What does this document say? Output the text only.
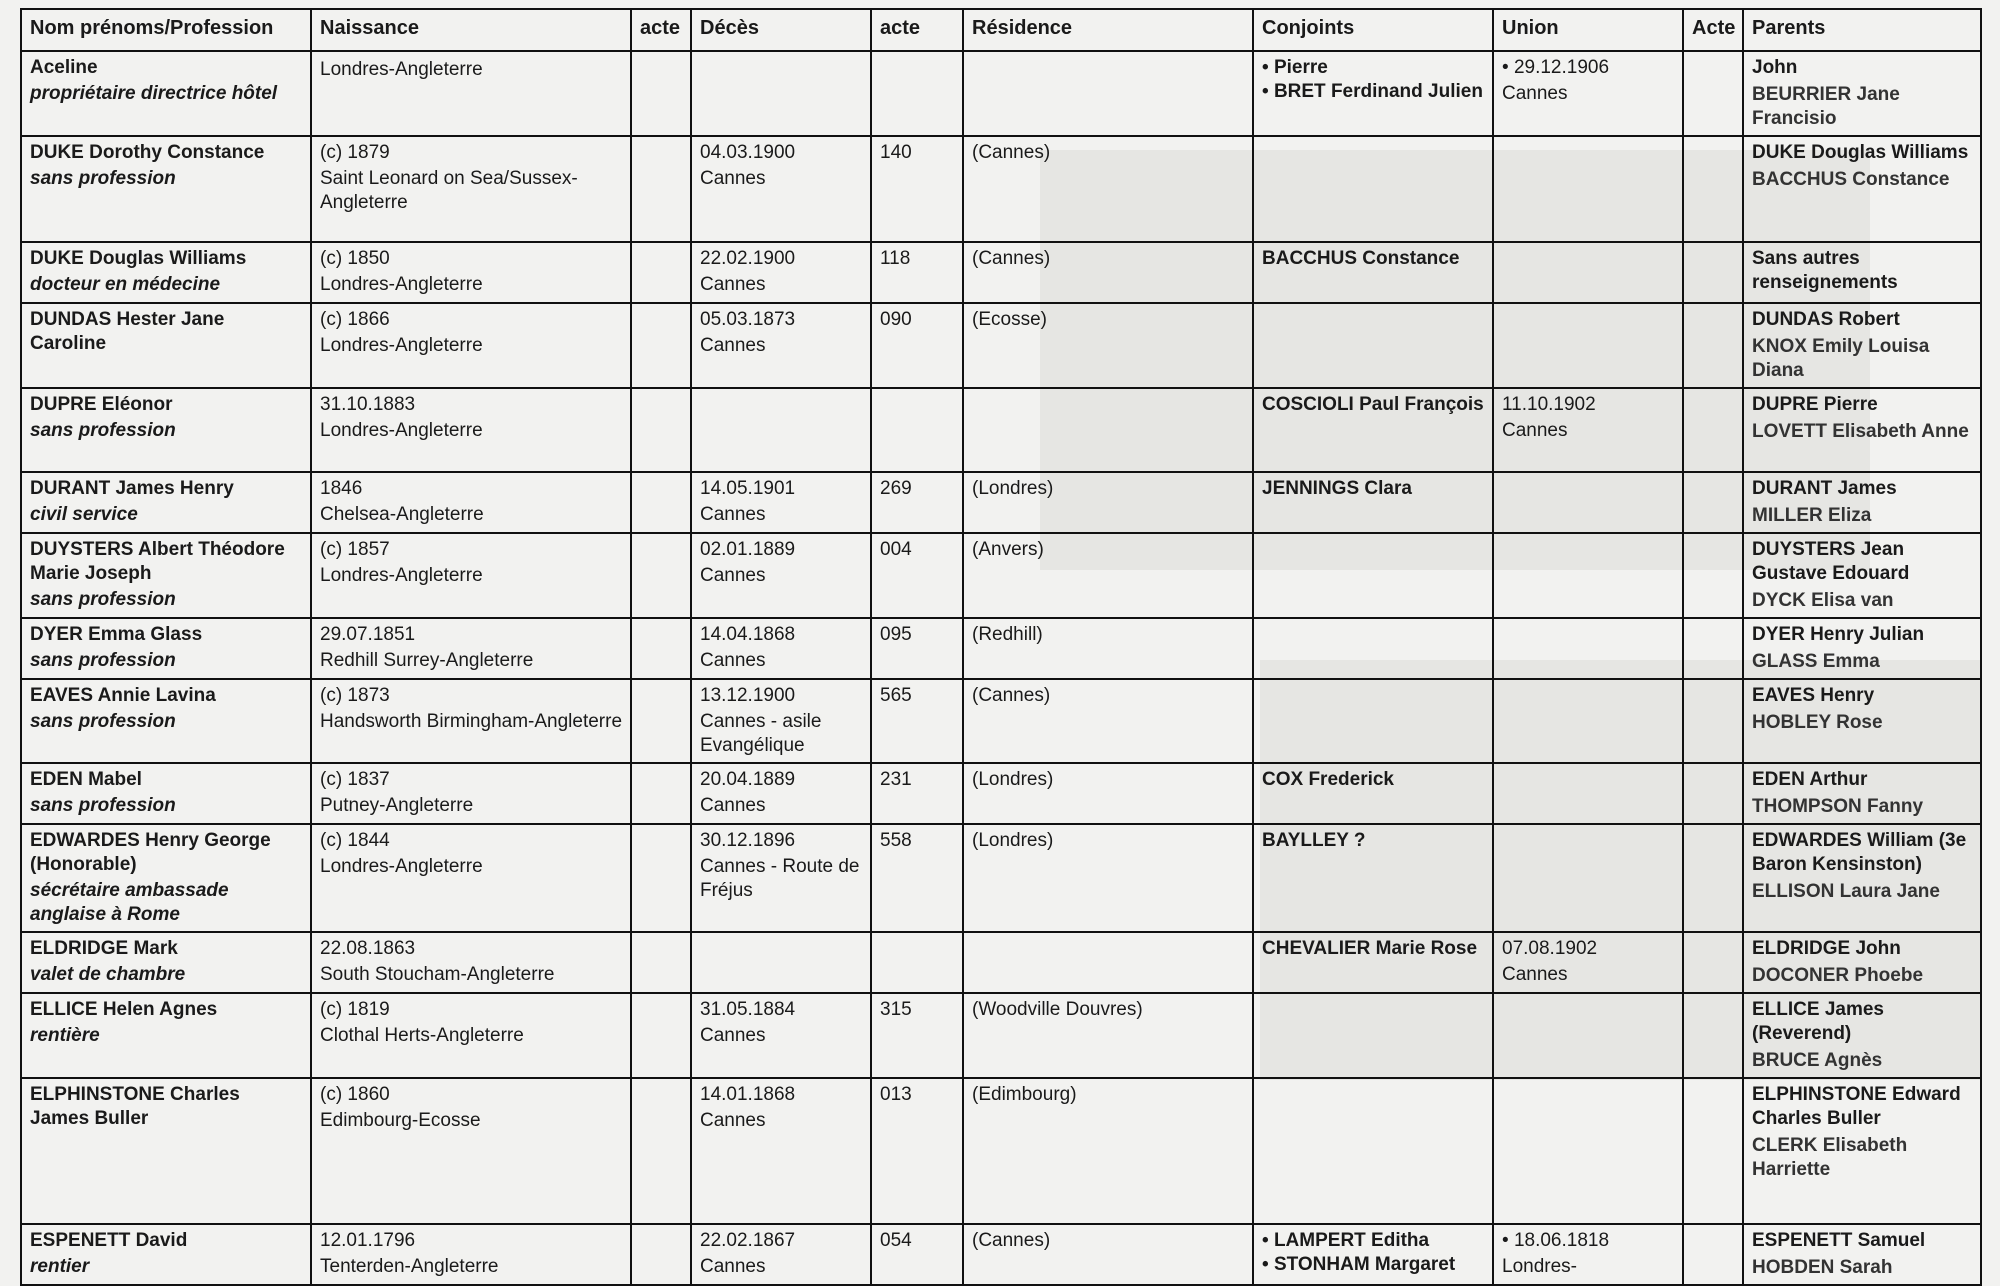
Nom prénoms/Profession	Naissance	acte	Décès	acte	Résidence	Conjoints	Union	Acte	Parents
Aceline
propriétaire directrice hôtel	Londres-Angleterre					• Pierre
• BRET Ferdinand Julien	• 29.12.1906
Cannes		John
BEURRIER Jane Francisio

DUKE Dorothy Constance
sans profession	(c) 1879
Saint Leonard on Sea/Sussex-Angleterre		04.03.1900
Cannes	140	(Cannes)				DUKE Douglas Williams
BACCHUS Constance

DUKE Douglas Williams
docteur en médecine	(c) 1850
Londres-Angleterre		22.02.1900
Cannes	118	(Cannes)	BACCHUS Constance			Sans autres renseignements

DUNDAS Hester Jane Caroline	(c) 1866
Londres-Angleterre		05.03.1873
Cannes	090	(Ecosse)				DUNDAS Robert
KNOX Emily Louisa Diana

DUPRE Eléonor
sans profession	31.10.1883
Londres-Angleterre					COSCIOLI Paul François	11.10.1902
Cannes		DUPRE Pierre
LOVETT Elisabeth Anne

DURANT James Henry
civil service	1846
Chelsea-Angleterre		14.05.1901
Cannes	269	(Londres)	JENNINGS Clara			DURANT James
MILLER Eliza

DUYSTERS Albert Théodore Marie Joseph
sans profession	(c) 1857
Londres-Angleterre		02.01.1889
Cannes	004	(Anvers)				DUYSTERS Jean Gustave Edouard
DYCK Elisa van

DYER Emma Glass
sans profession	29.07.1851
Redhill Surrey-Angleterre		14.04.1868
Cannes	095	(Redhill)				DYER Henry Julian
GLASS Emma

EAVES Annie Lavina
sans profession	(c) 1873
Handsworth Birmingham-Angleterre		13.12.1900
Cannes - asile Evangélique	565	(Cannes)				EAVES Henry
HOBLEY Rose

EDEN Mabel
sans profession	(c) 1837
Putney-Angleterre		20.04.1889
Cannes	231	(Londres)	COX Frederick			EDEN Arthur
THOMPSON Fanny

EDWARDES Henry George (Honorable)
sécrétaire ambassade anglaise à Rome	(c) 1844
Londres-Angleterre		30.12.1896
Cannes - Route de Fréjus	558	(Londres)	BAYLLEY ?			EDWARDES William (3e Baron Kensinston)
ELLISON Laura Jane

ELDRIDGE Mark
valet de chambre	22.08.1863
South Stoucham-Angleterre					CHEVALIER Marie Rose	07.08.1902
Cannes		ELDRIDGE John
DOCONER Phoebe

ELLICE Helen Agnes
rentière	(c) 1819
Clothal Herts-Angleterre		31.05.1884
Cannes	315	(Woodville Douvres)				ELLICE James (Reverend)
BRUCE Agnès

ELPHINSTONE Charles James Buller	(c) 1860
Edimbourg-Ecosse		14.01.1868
Cannes	013	(Edimbourg)				ELPHINSTONE Edward Charles Buller
CLERK Elisabeth Harriette

ESPENETT David
rentier	12.01.1796
Tenterden-Angleterre		22.02.1867
Cannes	054	(Cannes)	• LAMPERT Editha
• STONHAM Margaret	• 18.06.1818
Londres-		ESPENETT Samuel
HOBDEN Sarah
